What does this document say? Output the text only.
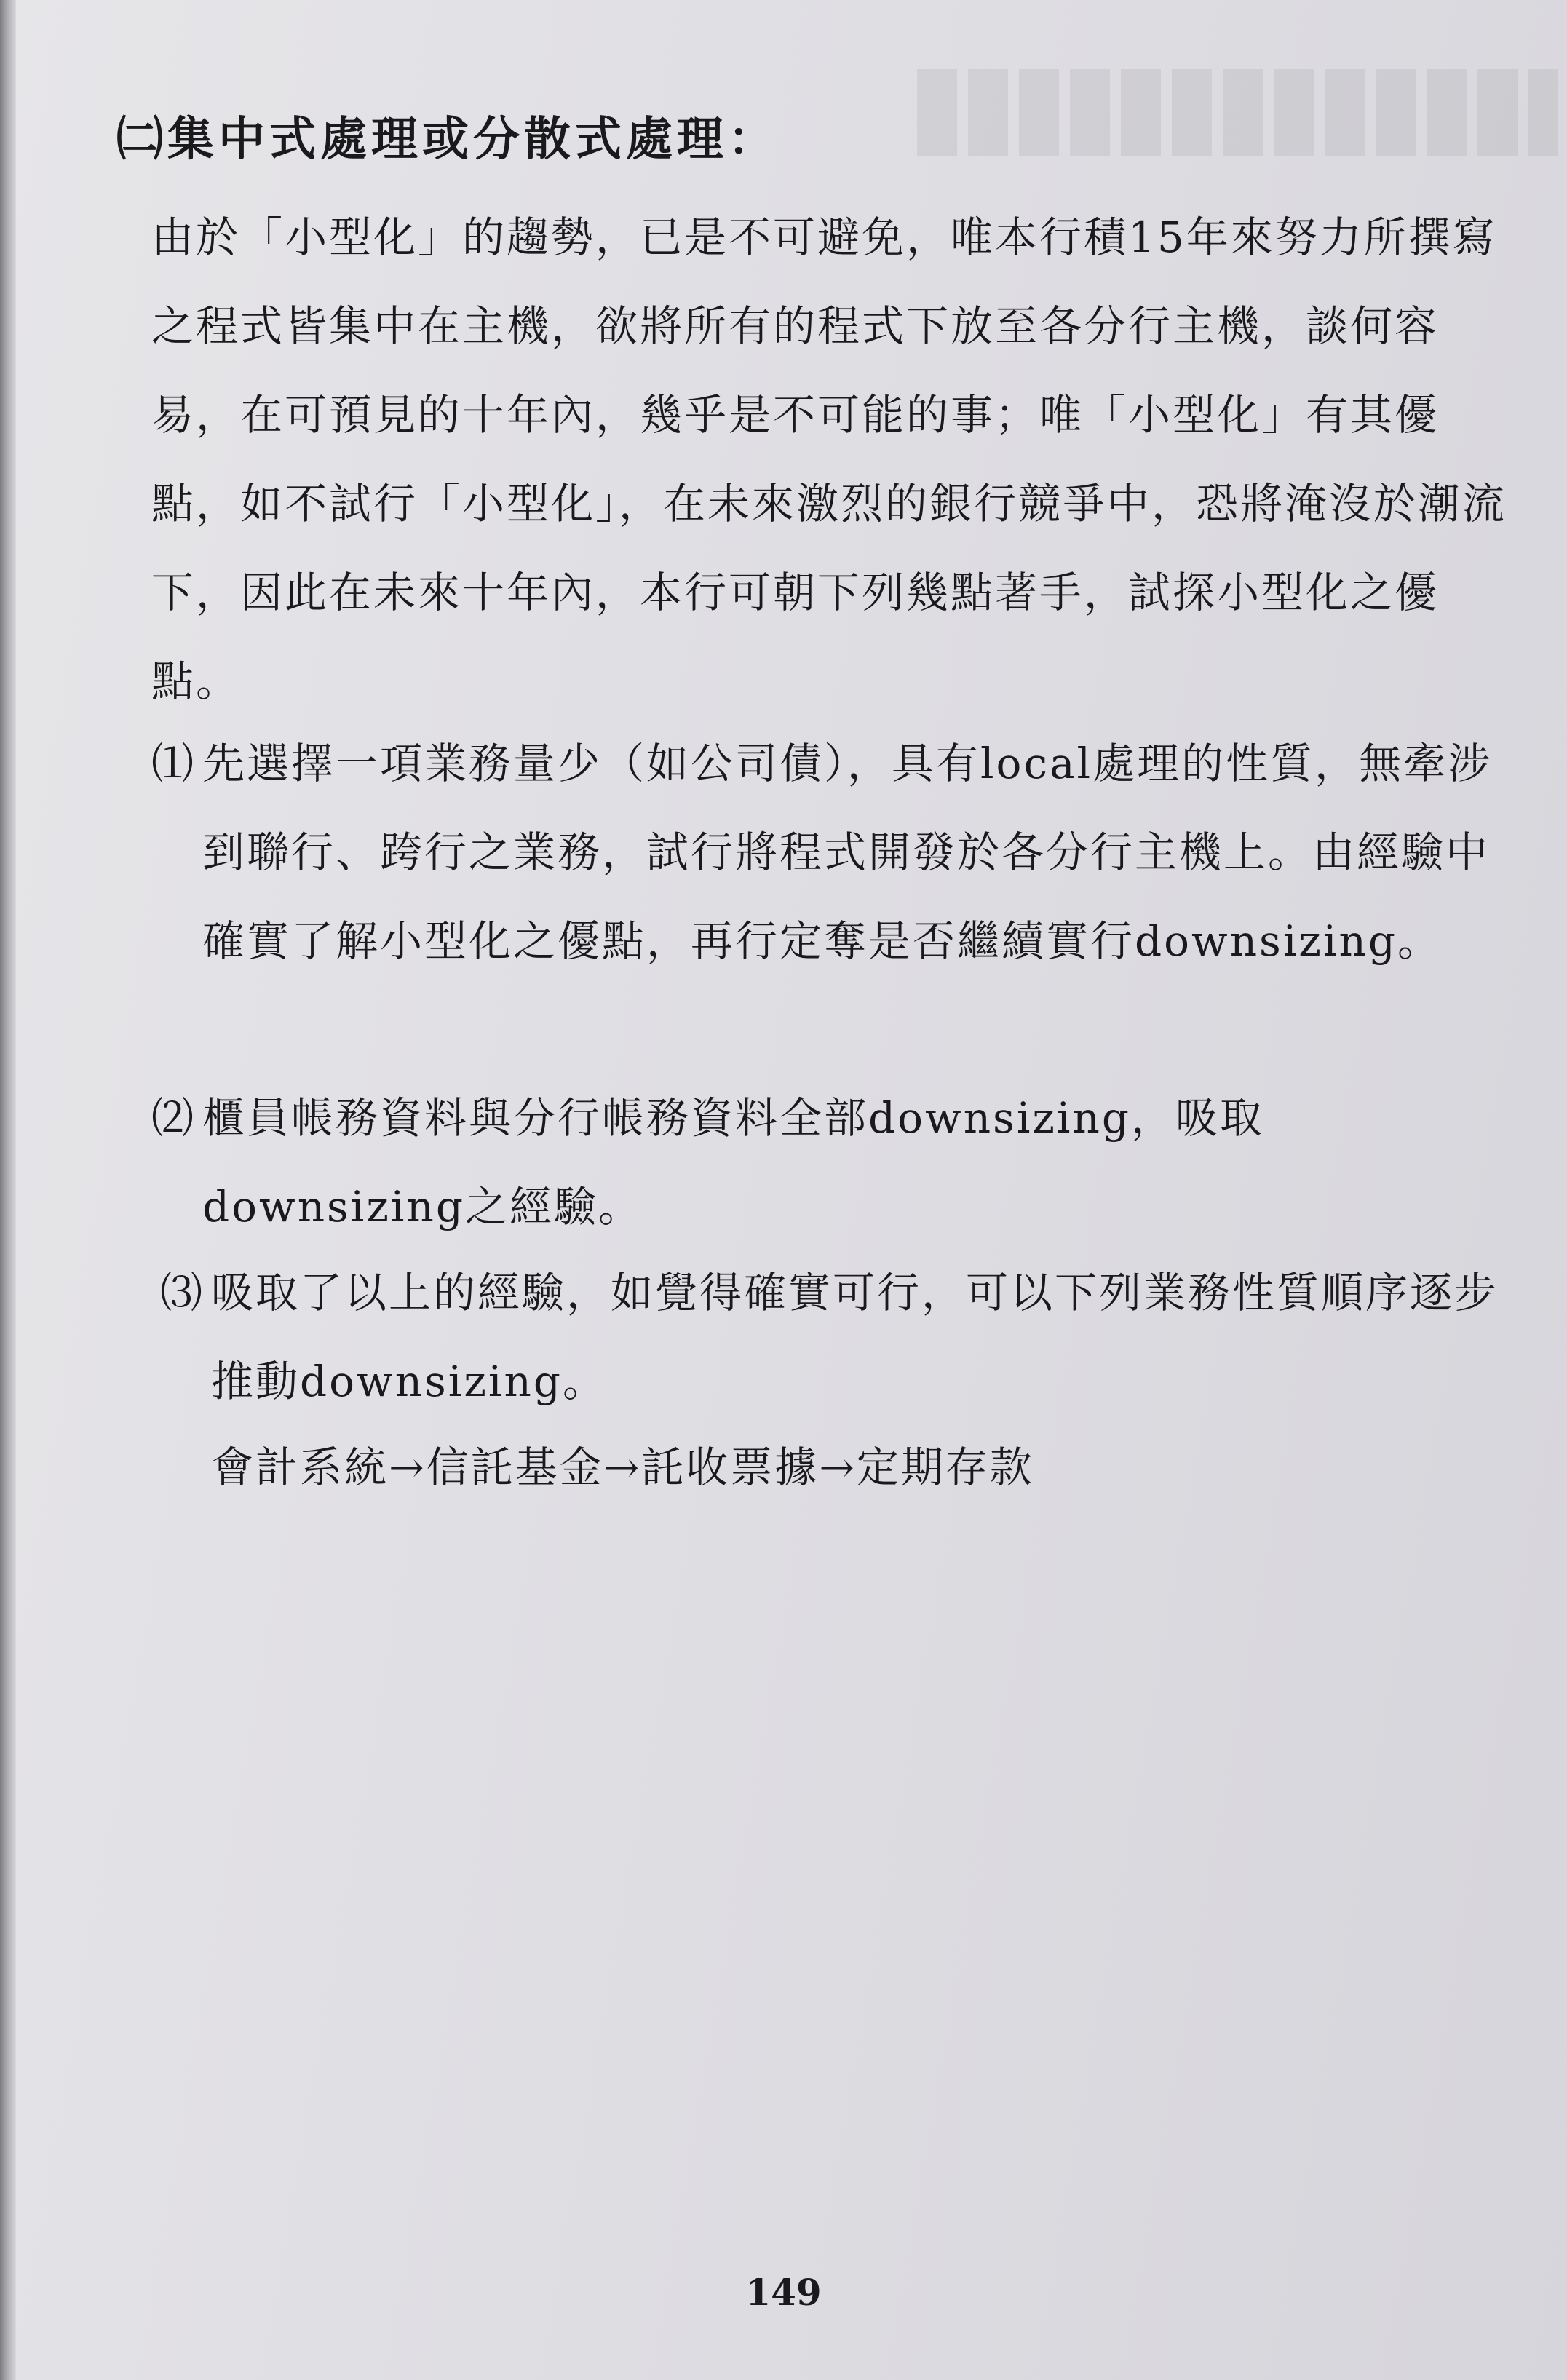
㈡集中式處理或分散式處理：

由於「小型化」的趨勢，已是不可避免，唯本行積15年來努力所撰寫之程式皆集中在主機，欲將所有的程式下放至各分行主機，談何容易，在可預見的十年內，幾乎是不可能的事；唯「小型化」有其優點，如不試行「小型化」，在未來激烈的銀行競爭中，恐將淹沒於潮流下，因此在未來十年內，本行可朝下列幾點著手，試探小型化之優點。

⑴ 先選擇一項業務量少（如公司債），具有local處理的性質，無牽涉到聯行、跨行之業務，試行將程式開發於各分行主機上。由經驗中確實了解小型化之優點，再行定奪是否繼續實行downsizing。
⑵ 櫃員帳務資料與分行帳務資料全部downsizing，吸取downsizing之經驗。
⑶ 吸取了以上的經驗，如覺得確實可行，可以下列業務性質順序逐步推動downsizing。
會計系統→信託基金→託收票據→定期存款
149
